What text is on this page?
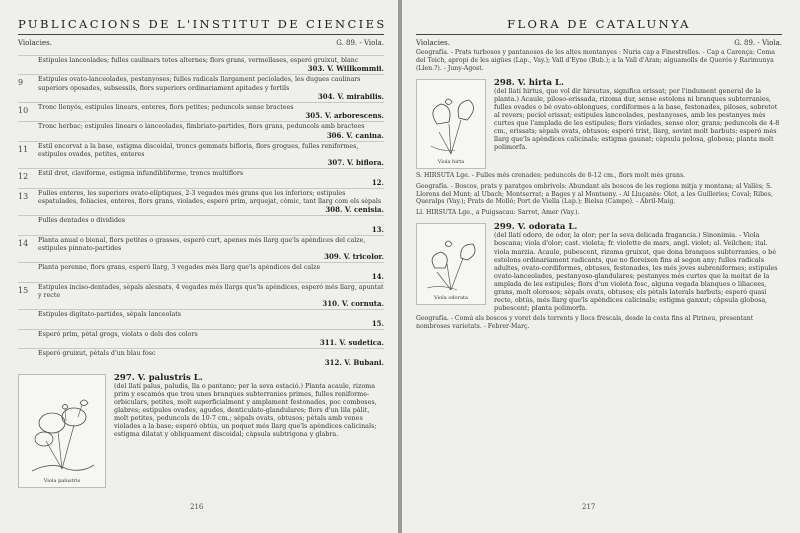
PUBLICACIONS DE L'INSTITUT DE CIENCIES
Violacies.	G. 89. - Viola.
Estipules lanceolades; fulles caulinars totes alternes; flors grans, vermellases, esperó gruixut, blanc
303. V. Willkommii.
9	Estipules ovato-lanceolades, pestanyoses; fulles radicals llargament peciolades, les dugues caulinars superiors oposades, subsessils, flors superiors ordinariament apitades y fertils
304. V. mirabilis.
10	Tronc llenyós, estipules linears, enteres, flors petites; peduncols sense bractees
305. V. arborescens.
Tronc herbac; estipules linears o lanceolades, fimbriato-partides, flors grans, peduncols amb bractees
306. V. canina.
11	Estil encorvat a la base, estigma discoidal, troncs gemmats bifloris, flors grogues, fulles reniformes, estipules ovades, petites, enteres
307. V. biflora.
12	Estil dret, claviforme, estigma infundibliforme, troncs multiflors
12.
13	Fulles enteres, les superiors ovato-elíptiques, 2-3 vegades més grans que les inferiors; estipules espatulades, foliacies, enteres, flors grans, violades, esperó prim, arquejat, còmic, tant llarg com els sèpals
308. V. cenisia.
Fulles dentades o dividides
13.
14	Planta anual o bienal, flors petites o grasses, esperó curt, apenes més llarg que'ls apèndices del calze, estipules pinnato-partides
309. V. tricolor.
Planta perenne, flors grans, esperó llarg, 3 vegades més llarg que'ls apèndices del calze
14.
15	Estipules inciso-dentades, sèpals alesnats, 4 vegades més llargs que'ls apèndices, esperó més llarg, apuntat y recte
310. V. cornuta.
Estipules digitato-partides, sèpals lanceolats
15.
Esperó prim, pètal grogs, violats o dels dos colors
311. V. sudetica.
Esperó gruixut, pètals d'un blau fosc
312. V. Bubani.
Viola palustris
297. V. palustris L.
(del llatí palus, paludis, lla o pantano; per la seva estació.) Planta acaule, rizoma prim y escamós que treu unes branques subterranies primes, fulles reniforme-orbiculars, petites, molt superficialment y amplament festonades, poc comboses, glabres; estipules ovades, agudes, denticulato-glandulares; flors d'un lila pàlit, molt petites, peduncols de 10-7 cm.; sèpals ovats, obtusos; pètals amb venes violades a la base; esperó obtús, un poquet més llarg que'ls apèndices calicinals; estigma dilatat y obliquament discoidal; càpsula subtrigona y glabra.
216
FLORA DE CATALUNYA
Violacies.	G. 89. - Viola.
Geografía. - Prats turbosos y pantanosos de les altes montanyes : Nuria cap a Finestrelles. - Cap a Carença: Coma del Teich, apropi de les aigües (Lap., Vay.); Vall d'Eyne (Bub.); a la Vall d'Aran; aiguamolls de Querós y Rarimunya (Llen.?). - Juny-Agost.
Viola hirta
298. V. hirta L.
(del llatí hirtus, que vol dir hirsutus, significa erissat; per l'indument general de la planta.) Acaule, piloso-erissada, rizoma dur, sense estolons ni branques subterranies, fulles ovades o bé ovato-oblongues, cordiformes a la base, festonades, piloses, sobretot al revers; peciol erissat; estipules lanceolades, pestanyoses, amb les pestanyes més curtes que l'amplada de les estipules; flors violades, sense olor, grans; peduncols de 4-8 cm., erissats; sèpals ovats, obtusos; esperó trist, llarg, sovint molt barbuts; esperó més llarg que'ls apèndices calicinals; estigma gaunat; càpsula pelosa, globosa; planta molt polimorfa.
S. HIRSUTA Lge. - Fulles més crenades; peduncols de 8-12 cm., flors molt més grans.
Geografía. - Boscos, prats y paratges ombrivols: Abundant als boscos de les regions mitja y montana; al Vallès; S. Llorens del Munt; al Ubach; Montserrat; a Bages y al Montseny. - Al Lluçanès: Olot, a les Guilleries; Coval; Ribes, Queralps (Vay.); Prats de Molló; Port de Viella (Lap.); Bielsa (Campo). - Abril-Maig.
Ll. HIRSUTA Lge., a Puigsacau: Sarret, Amer (Vay.).
Viola odorata
299. V. odorata L.
(del llatí odoro, de odor, la olor; per la seva delicada fragancia.) Sinonimia. - Viola boscana; viola d'olor; cast. violeta; fr. violette de mars, angl. violet; al. Veilchen; ital. viola marzia. Acaule, pubescent, rizoma gruixut, que dona branques subterranies, o bé estolons ordinariament radicants, que no floreixen fins al segon any; fulles radicals adultes, ovato-cordiformes, obtuses, festonades, les més joves subreniformes; estipules ovato-lanceolades, pestanyoso-glandulares; pestanyes més curtes que la meitat de la amplada de les estipules; flors d'un violeta fosc, alguna vegada blanques o liliacees, grans, molt olorosos; sèpals ovats, obtusos; els pètals laterals barbuts; esperó quasi recte, obtús, més llarg que'ls apèndices calicinals; estigma ganxut; càpsula globosa, pubescent; planta polimorfa.
Geografía. - Comú als boscos y voret dels torrents y llocs frescals, desde la costa fins al Pirineu, presentant nombroses varietats. - Febrer-Març.
217
